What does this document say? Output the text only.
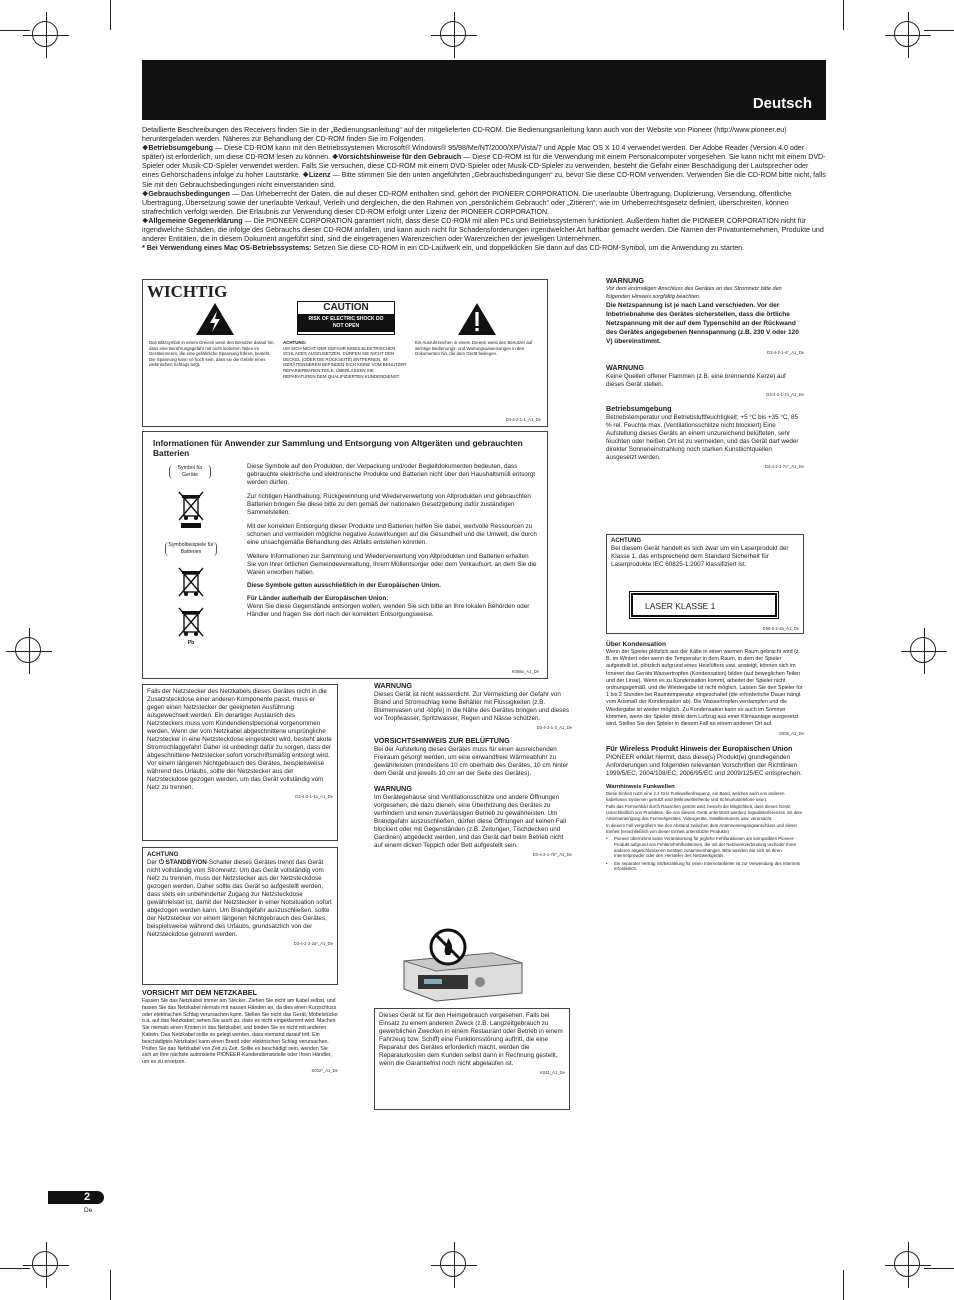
Deutsch

Detaillierte Beschreibungen des Receivers finden Sie in der „Bedienungsanleitung“ auf der mitgelieferten CD-ROM. Die Bedienungsanleitung kann auch von der Website von Pioneer (http://www.pioneer.eu) heruntergeladen werden. Näheres zur Behandlung der CD-ROM finden Sie im Folgenden.

❖Betriebsumgebung — Diese CD-ROM kann mit den Betriebssystemen Microsoft® Windows® 95/98/Me/NT/2000/XP/Vista/7 und Apple Mac OS X 10.4 verwendet werden. Der Adobe Reader (Version 4.0 oder später) ist erforderlich, um diese CD-ROM lesen zu können. ❖Vorsichtshinweise für den Gebrauch — Diese CD-ROM ist für die Verwendung mit einem Personalcomputer vorgesehen. Sie kann nicht mit einem DVD-Spieler oder Musik-CD-Spieler verwendet werden. Falls Sie versuchen, diese CD-ROM mit einem DVD-Spieler oder Musik-CD-Spieler zu verwenden, besteht die Gefahr einer Beschädigung der Lautsprecher oder eines Gehörschadens infolge zu hoher Lautstärke. ❖Lizenz — Bitte stimmen Sie den unten angeführten „Gebrauchsbedingungen“ zu, bevor Sie diese CD-ROM verwenden. Verwenden Sie die CD-ROM bitte nicht, falls Sie mit den Gebrauchsbedingungen nicht einverstanden sind.
❖Gebrauchsbedingungen — Das Urheberrecht der Daten, die auf dieser CD-ROM enthalten sind, gehört der PIONEER CORPORATION. Die unerlaubte Übertragung, Duplizierung, Versendung, öffentliche Übertragung, Übersetzung sowie der unerlaubte Verkauf, Verleih und dergleichen, die den Rahmen von „persönlichem Gebrauch“ oder „Zitieren“, wie im Urheberrechtsgesetz definiert, überschreiten, können strafrechtlich verfolgt werden. Die Erlaubnis zur Verwendung dieser CD-ROM erfolgt unter Lizenz der PIONEER CORPORATION.
❖Allgemeine Gegenerklärung — Die PIONEER CORPORATION garantiert nicht, dass diese CD-ROM mit allen PCs und Betriebssystemen funktioniert. Außerdem haftet die PIONEER CORPORATION nicht für irgendwelche Schäden, die infolge des Gebrauchs dieser CD-ROM anfallen, und kann auch nicht für Schadensforderungen irgendwelcher Art haftbar gemacht werden. Die Namen der Privatunternehmen, Produkte und anderer Entitäten, die in diesem Dokument angeführt sind, sind die eingetragenen Warenzeichen oder Warenzeichen der jeweiligen Unternehmen.
* Bei Verwendung eines Mac OS-Betriebssystems: Setzen Sie diese CD-ROM in ein CD-Laufwerk ein, und doppelklicken Sie dann auf das CD-ROM-Symbol, um die Anwendung zu starten.

WICHTIG
CAUTION
RISK OF ELECTRIC SHOCK DO NOT OPEN
Das Blitzsymbol in einem Dreieck weist den Benutzer darauf hin, dass eine Berührungsgefahr mit nicht isolierten Teilen im Geräteinneren, die eine gefährliche Spannung führen, besteht. Die Spannung kann so hoch sein, dass sie die Gefahr eines elektrischen Schlags birgt.
ACHTUNG:
UM SICH NICHT DER GEFAHR EINES ELEKTRISCHEN SCHLAGES AUSZUSETZEN, DÜRFEN SIE NICHT DEN DECKEL (ODER DIE RÜCKSEITE) ENTFERNEN. IM GERÄTEINNEREN BEFINDEN SICH KEINE VOM BENUTZER REPARIERBAREN TEILE. ÜBERLASSEN SIE REPARATUREN DEM QUALIFIZIERTEN KUNDENDIENST.
Ein Ausrufezeichen in einem Dreieck weist den Benutzer auf wichtige Bedienungs- und Wartungsanweisungen in den Dokumenten hin, die dem Gerät beiliegen.
D3-4-2-1-1_A1_De
Informationen für Anwender zur Sammlung und Entsorgung von Altgeräten und gebrauchten Batterien
Symbol für Geräte
Symbolbeispiele für Batterien
Pb

Diese Symbole auf den Produkten, der Verpackung und/oder Begleitdokumenten bedeuten, dass gebrauchte elektrische und elektronische Produkte und Batterien nicht über den Haushaltsmüll entsorgt werden dürfen.

Zur richtigen Handhabung, Rückgewinnung und Wiederverwertung von Altprodukten und gebrauchten Batterien bringen Sie diese bitte zu den gemäß der nationalen Gesetzgebung dafür zuständigen Sammelstellen.

Mit der korrekten Entsorgung dieser Produkte und Batterien helfen Sie dabei, wertvolle Ressourcen zu schonen und vermeiden mögliche negative Auswirkungen auf die Gesundheit und die Umwelt, die durch eine unsachgemäße Behandlung des Abfalls entstehen könnten.

Weitere Informationen zur Sammlung und Wiederverwertung von Altprodukten und Batterien erhalten Sie von Ihrer örtlichen Gemeindeverwaltung, Ihrem Müllentsorger oder dem Verkaufsort, an dem Sie die Waren erworben haben.

Diese Symbole gelten ausschließlich in der Europäischen Union.

Für Länder außerhalb der Europäischen Union:

Wenn Sie diese Gegenstände entsorgen wollen, wenden Sie sich bitte an Ihre lokalen Behörden oder Händler und fragen Sie dort nach der korrekten Entsorgungsweise.

K058a_A1_De
Falls der Netzstecker des Netzkabels dieses Gerätes nicht in die Zusatzsteckdose einer anderen Komponente passt, muss er gegen einen Netzstecker der geeigneten Ausführung ausgewechselt werden. Ein derartiger Austausch des Netzsteckers muss vom Kundendienstpersonal vorgenommen werden. Wenn der vom Netzkabel abgeschnittene ursprüngliche Netzstecker in eine Netzsteckdose eingesteckt wird, besteht akute Stromschlaggefahr! Daher ist unbedingt dafür zu sorgen, dass der abgeschnittene Netzstecker sofort vorschriftsmäßig entsorgt wird. Vor einem längeren Nichtgebrauch des Gerätes, beispielsweise während des Urlaubs, sollte der Netzstecker aus der Netzsteckdose gezogen werden, um das Gerät vollständig vom Netz zu trennen.
D3-4-2-1-1a_A1_De
ACHTUNG
Der ⏻ STANDBY/ON-Schalter dieses Gerätes trennt das Gerät nicht vollständig vom Stromnetz. Um das Gerät vollständig vom Netz zu trennen, muss der Netzstecker aus der Netzsteckdose gezogen werden. Daher sollte das Gerät so aufgestellt werden, dass stets ein unbehinderter Zugang zur Netzsteckdose gewährleistet ist, damit der Netzstecker in einer Notsituation sofort abgezogen werden kann. Um Brandgefahr auszuschließen, sollte der Netzstecker vor einem längeren Nichtgebrauch des Gerätes, beispielsweise während des Urlaubs, grundsätzlich von der Netzsteckdose getrennt werden.
D3-4-2-2-2a*_A1_De
VORSICHT MIT DEM NETZKABEL
Fassen Sie das Netzkabel immer am Stecker. Ziehen Sie nicht am Kabel selbst, und fassen Sie das Netzkabel niemals mit nassen Händen an, da dies einen Kurzschluss oder elektrischen Schlag verursachen kann. Stellen Sie nicht das Gerät, Möbelstücke o.ä. auf das Netzkabel; sehen Sie auch zu, dass es nicht eingeklemmt wird. Machen Sie niemals einen Knoten in das Netzkabel, und binden Sie es nicht mit anderen Kabeln. Das Netzkabel sollte so gelegt werden, dass niemand darauf tritt. Ein beschädigtes Netzkabel kann einen Brand oder elektrischen Schlag verursachen. Prüfen Sie das Netzkabel von Zeit zu Zeit. Sollte es beschädigt sein, wenden Sie sich an Ihre nächste autorisierte PIONEER-Kundendienststelle oder Ihren Händler, um es zu ersetzen.
S002*_A1_De
WARNUNG
Dieses Gerät ist nicht wasserdicht. Zur Vermeidung der Gefahr von Brand und Stromschlag keine Behälter mit Flüssigkeiten (z.B. Blumenvasen und -töpfe) in die Nähe des Gerätes bringen und dieses vor Tropfwasser, Spritzwasser, Regen und Nässe schützen.
D3-4-2-1-3_A1_De
VORSICHTSHINWEIS ZUR BELÜFTUNG
Bei der Aufstellung dieses Gerätes muss für einen ausreichenden Freiraum gesorgt werden, um eine einwandfreie Wärmeabfuhr zu gewährleisten (mindestens 10 cm oberhalb des Gerätes, 10 cm hinter dem Gerät und jeweils 10 cm an der Seite des Gerätes).
WARNUNG
Im Gerätegehäuse sind Ventilationsschlitze und andere Öffnungen vorgesehen, die dazu dienen, eine Überhitzung des Gerätes zu verhindern und einen zuverlässigen Betrieb zu gewährleisten. Um Brandgefahr auszuschließen, dürfen diese Öffnungen auf keinen Fall blockiert oder mit Gegenständen (z.B. Zeitungen, Tischdecken und Gardinen) abgedeckt werden, und das Gerät darf beim Betrieb nicht auf einem dicken Teppich oder Bett aufgestellt sein.
D3-4-2-1-7b*_A1_De
Dieses Gerät ist für den Heimgebrauch vorgesehen. Falls bei Einsatz zu einem anderem Zweck (z.B. Langzeitgebrauch zu gewerblichen Zwecken in einem Restaurant oder Betrieb in einem Fahrzeug bzw. Schiff) eine Funktionsstörung auftritt, die eine Reparatur des Gerätes erforderlich macht, werden die Reparaturkosten dem Kunden selbst dann in Rechnung gestellt, wenn die Garantiefrist noch nicht abgelaufen ist.
K041_A1_De
WARNUNG
Vor dem erstmaligen Anschluss des Gerätes an das Stromnetz bitte den folgenden Hinweis sorgfältig beachten.
Die Netzspannung ist je nach Land verschieden. Vor der Inbetriebnahme des Gerätes sicherstellen, dass die örtliche Netzspannung mit der auf dem Typenschild an der Rückwand des Gerätes angegebenen Nennspannung (z.B. 230 V oder 120 V) übereinstimmt.
D3-4-2-1-4*_A1_De
WARNUNG
Keine Quellen offener Flammen (z.B. eine brennende Kerze) auf dieses Gerät stellen.
D3-4-2-1-7a_A1_De
Betriebsumgebung
Betriebstemperatur und Betriebsluftfeuchtigkeit: +5 °C bis +35 °C, 85 % rel. Feuchte max. (Ventilationsschlitze nicht blockiert) Eine Aufstellung dieses Geräts an einem unzureichend belüfteten, sehr feuchten oder heißen Ort ist zu vermeiden, und das Gerät darf weder direkter Sonneneinstrahlung noch starken Kunstlichtquellen ausgesetzt werden.
D3-4-2-1-7c*_A1_De
ACHTUNG
Bei diesem Gerät handelt es sich zwar um ein Laserprodukt der Klasse 1, das entsprechend dem Standard Sicherheit für Laserprodukte IEC 60825-1:2007 klassifiziert ist.
LASER KLASSE 1
D58-5-2-2a_A1_De
Über Kondensation
Wenn der Spieler plötzlich aus der Kälte in einen warmen Raum gebracht wird (z. B. im Winter) oder wenn die Temperatur in dem Raum, in dem der Spieler aufgestellt ist, plötzlich aufgrund eines Heizlüfters usw. ansteigt, können sich im Inneren des Geräts Wassertropfen (Kondensation) bilden (auf beweglichen Teilen und der Linse). Wenn es zu Kondensation kommt, arbeitet der Spieler nicht ordnungsgemäß, und die Wiedergabe ist nicht möglich. Lassen Sie den Spieler für 1 bis 2 Stunden bei Raumtemperatur eingeschaltet (die erforderliche Dauer hängt vom Ausmaß der Kondensation ab). Die Wassertropfen verdampfen und die Wiedergabe ist wieder möglich. Zu Kondensation kann es auch im Sommer kommen, wenn der Spieler direkt dem Luftzug aus einer Klimaanlage ausgesetzt wird. Stellen Sie den Spieler in diesem Fall an einem anderen Ort auf.
S005_A1_De
Für Wireless Produkt Hinweis der Europäischen Union
PIONEER erklärt hiermit, dass diese(s) Produkt(e) grundlegenden Anforderungen und folgenden relevanten Vorschriften der Richtlinien 1999/5/EC, 2004/108/EC, 2006/95/EC und 2009/125/EC entsprechen.
Warnhinweis Funkwellen
Diese Einheit nutzt eine 2,4 GHz Funkwellenfrequenz, ein Band, welches auch von anderen kabellosen Systemen genutzt wird (Mikrowellenherde und Schnurlostelefone usw.).
Falls das Fernsehbild durch Rauschen gestört wird, besteht die Möglichkeit, dass dieses Gerät (einschließlich von Produkten, die von diesem Gerät unterstützt werden) Signalinterferenzen mit dem Antenneneingang des Fernsehgerätes, Videogeräte, Satellitentuners usw. verursacht.
In diesem Fall vergrößern Sie den Abstand zwischen dem Antenneneingangsanschluss und dieser Einheit (einschließlich von dieser Einheit unterstützte Produkte).
•	Pioneer übernimmt keine Verantwortung für jegliche Fehlfunktionen am kompatiblen Pioneer-Produkt aufgrund von Fehlern/Fehlfunktionen, die mit der Netzwerkverbindung und/oder Ihren anderen angeschlossenen Geräten zusammenhängen. Bitte wenden Sie sich an Ihren Internetprovider oder den Hersteller des Netzwerkgeräts.
•	Ein separater Vertrag mit/Bezahlung für einen Internetanbieter ist zur Verwendung des Internets erforderlich.
2
De
